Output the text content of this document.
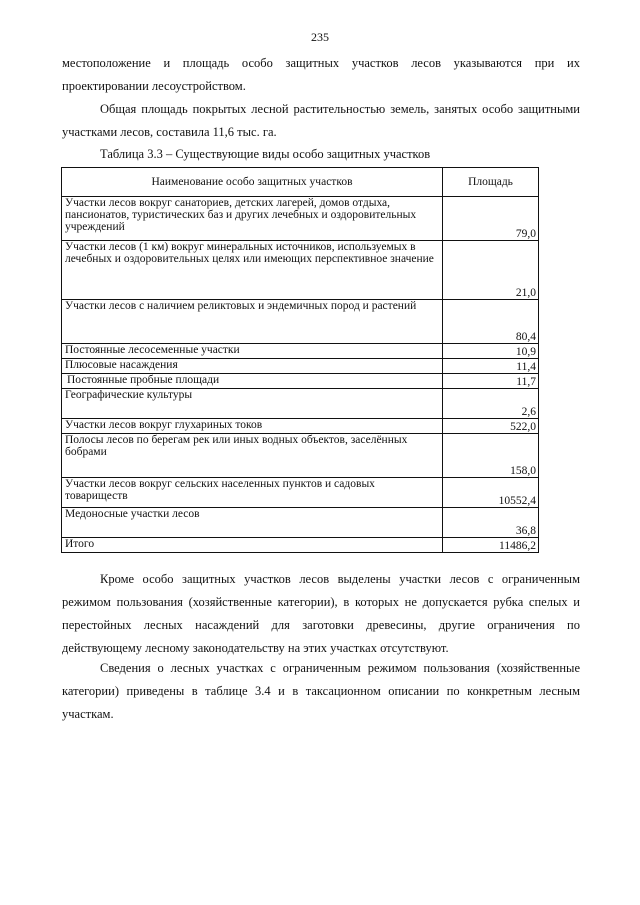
235

местоположение и площадь особо защитных участков лесов указываются при их проектировании лесоустройством.

Общая площадь покрытых лесной растительностью земель, занятых особо защитными участками лесов, составила 11,6 тыс. га.

Таблица 3.3 – Существующие виды особо защитных участков

Наименование особо защитных участков	Площадь
Участки лесов вокруг санаториев, детских лагерей, домов отдыха, пансионатов, туристических баз и других лечебных и оздоровительных учреждений	79,0
Участки лесов (1 км) вокруг минеральных источников, используемых в лечебных и оздоровительных целях или имеющих перспективное значение	21,0
Участки лесов с наличием реликтовых и эндемичных пород и растений	80,4
Постоянные лесосеменные участки	10,9
Плюсовые насаждения	11,4
Постоянные пробные площади	11,7
Географические культуры	2,6
Участки лесов вокруг глухариных токов	522,0
Полосы лесов по берегам рек или иных водных объектов, заселённых бобрами	158,0
Участки лесов вокруг сельских населенных пунктов и садовых товариществ	10552,4
Медоносные участки лесов	36,8
Итого	11486,2

Кроме особо защитных участков лесов выделены участки лесов с ограниченным режимом пользования (хозяйственные категории), в которых не допускается рубка спелых и перестойных лесных насаждений для заготовки древесины, другие ограничения по действующему лесному законодательству на этих участках отсутствуют.

Сведения о лесных участках с ограниченным режимом пользования (хозяйственные категории) приведены в таблице 3.4 и в таксационном описании по конкретным лесным участкам.
